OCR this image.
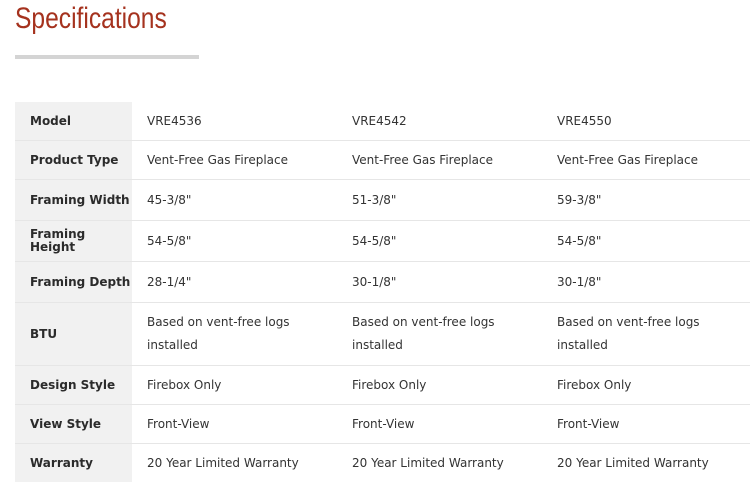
Specifications
Model	VRE4536	VRE4542	VRE4550
Product Type	Vent-Free Gas Fireplace	Vent-Free Gas Fireplace	Vent-Free Gas Fireplace
Framing Width	45-3/8"	51-3/8"	59-3/8"
Framing Height	54-5/8"	54-5/8"	54-5/8"
Framing Depth	28-1/4"	30-1/8"	30-1/8"
BTU	Based on vent-free logs installed	Based on vent-free logs installed	Based on vent-free logs installed
Design Style	Firebox Only	Firebox Only	Firebox Only
View Style	Front-View	Front-View	Front-View
Warranty	20 Year Limited Warranty	20 Year Limited Warranty	20 Year Limited Warranty
